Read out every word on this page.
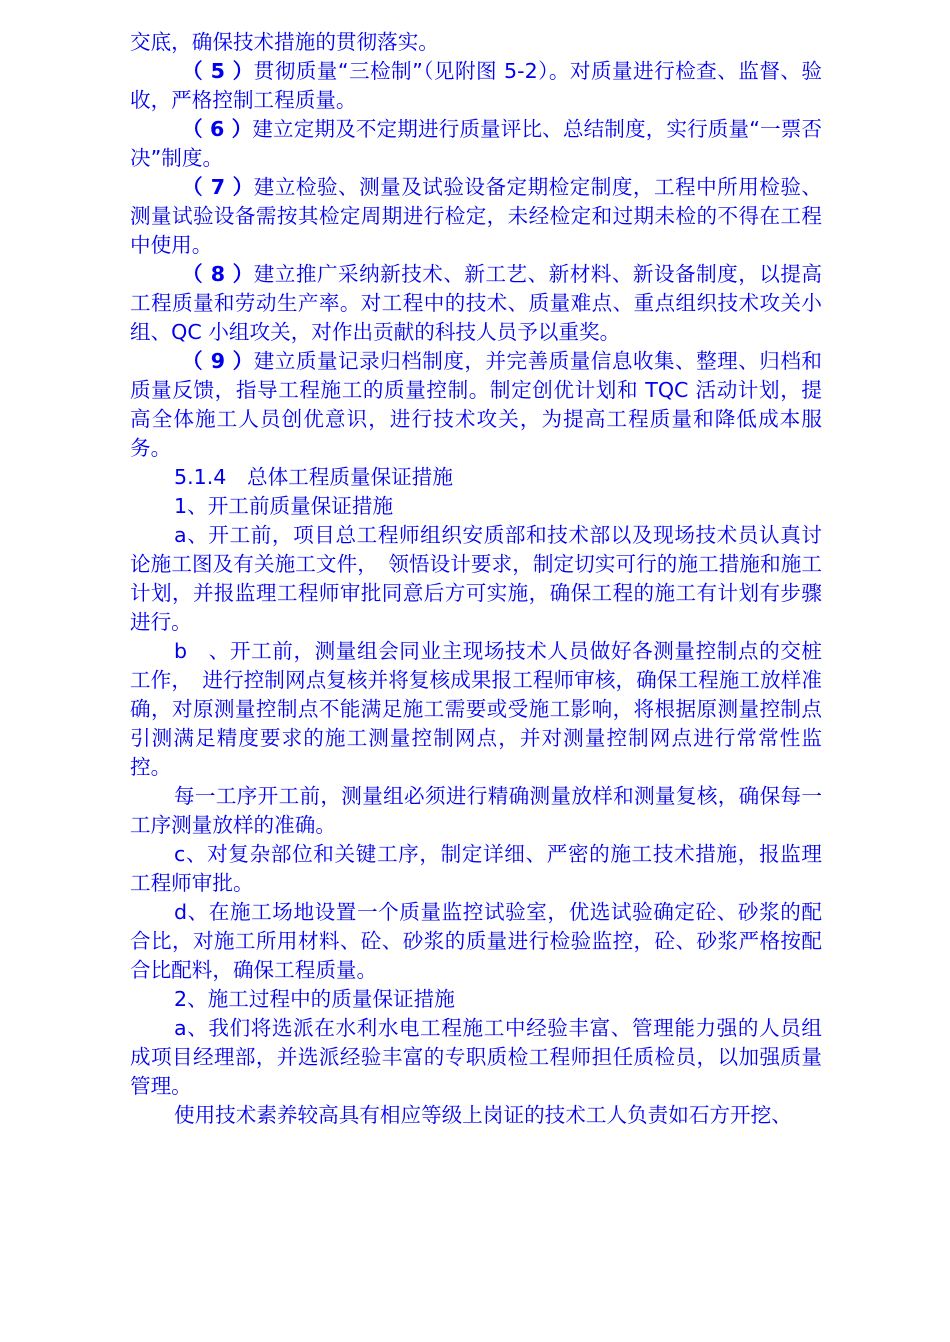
交底，确保技术措施的贯彻落实。

（ 5 ）贯彻质量“三检制”（见附图 5-2）。对质量进行检查、监督、验收，严格控制工程质量。

（ 6 ）建立定期及不定期进行质量评比、总结制度，实行质量“一票否决”制度。

（ 7 ）建立检验、测量及试验设备定期检定制度，工程中所用检验、测量试验设备需按其检定周期进行检定，未经检定和过期未检的不得在工程中使用。

（ 8 ）建立推广采纳新技术、新工艺、新材料、新设备制度，以提高工程质量和劳动生产率。对工程中的技术、质量难点、重点组织技术攻关小组、QC 小组攻关，对作出贡献的科技人员予以重奖。

（ 9 ）建立质量记录归档制度，并完善质量信息收集、整理、归档和质量反馈，指导工程施工的质量控制。制定创优计划和 TQC 活动计划，提高全体施工人员创优意识，进行技术攻关，为提高工程质量和降低成本服务。

5.1.4　总体工程质量保证措施

1、开工前质量保证措施

a、开工前，项目总工程师组织安质部和技术部以及现场技术员认真讨论施工图及有关施工文件，　领悟设计要求，制定切实可行的施工措施和施工计划，并报监理工程师审批同意后方可实施，确保工程的施工有计划有步骤进行。

b　、开工前，测量组会同业主现场技术人员做好各测量控制点的交桩工作，　进行控制网点复核并将复核成果报工程师审核，确保工程施工放样准确，对原测量控制点不能满足施工需要或受施工影响，将根据原测量控制点引测满足精度要求的施工测量控制网点，并对测量控制网点进行常常性监控。

每一工序开工前，测量组必须进行精确测量放样和测量复核，确保每一工序测量放样的准确。

c、对复杂部位和关键工序，制定详细、严密的施工技术措施，报监理工程师审批。

d、在施工场地设置一个质量监控试验室，优选试验确定砼、砂浆的配合比，对施工所用材料、砼、砂浆的质量进行检验监控，砼、砂浆严格按配合比配料，确保工程质量。

2、施工过程中的质量保证措施

a、我们将选派在水利水电工程施工中经验丰富、管理能力强的人员组成项目经理部，并选派经验丰富的专职质检工程师担任质检员，以加强质量管理。

使用技术素养较高具有相应等级上岗证的技术工人负责如石方开挖、
